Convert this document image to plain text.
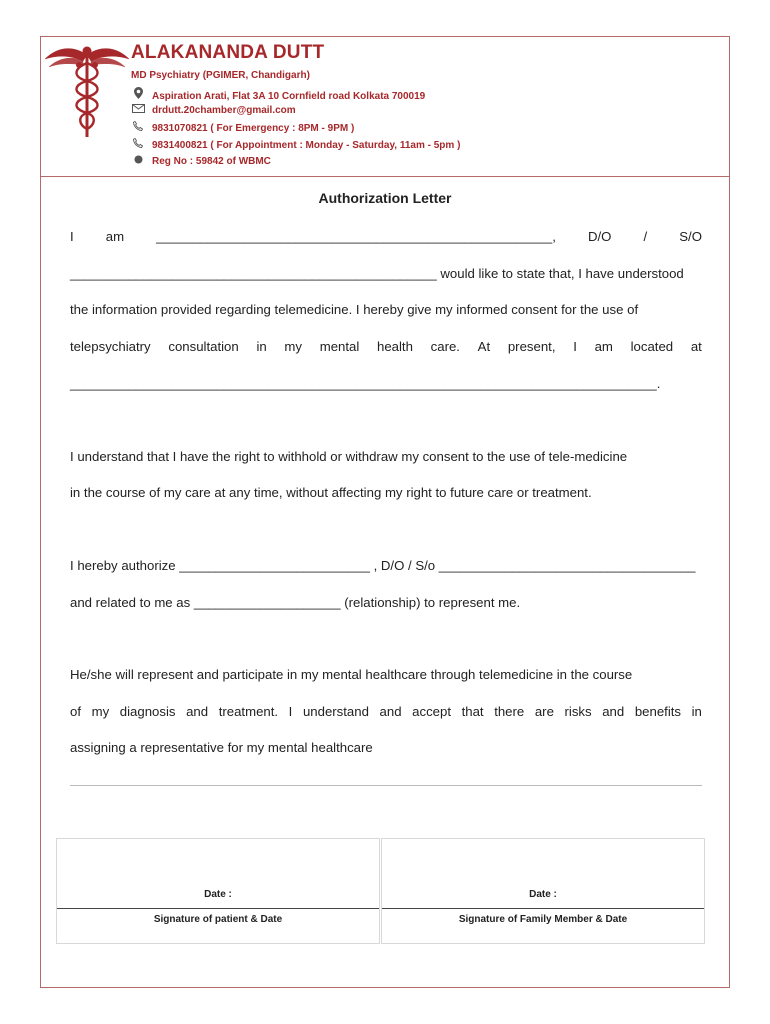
ALAKANANDA DUTT
MD Psychiatry (PGIMER, Chandigarh)
Aspiration Arati, Flat 3A 10 Cornfield road Kolkata 700019
drdutt.20chamber@gmail.com
9831070821 ( For Emergency : 8PM - 9PM )
9831400821 ( For Appointment : Monday - Saturday, 11am - 5pm )
Reg No : 59842 of WBMC
Authorization Letter
I am ______________________________________________________, D/O / S/O
__________________________________________________ would like to state that, I have understood
the information provided regarding telemedicine. I hereby give my informed consent for the use of
telepsychiatry consultation in my mental health care. At present, I am located at
________________________________________________________________________________.
I understand that I have the right to withhold or withdraw my consent to the use of tele-medicine
in the course of my care at any time, without affecting my right to future care or treatment.
I hereby authorize __________________________ , D/O / S/o ___________________________________
and related to me as ____________________ (relationship) to represent me.
He/she will represent and participate in my mental healthcare through telemedicine in the course
of my diagnosis and treatment. I understand and accept that there are risks and benefits in
assigning a representative for my mental healthcare
Date :
Signature of patient & Date
Date :
Signature of Family Member & Date
